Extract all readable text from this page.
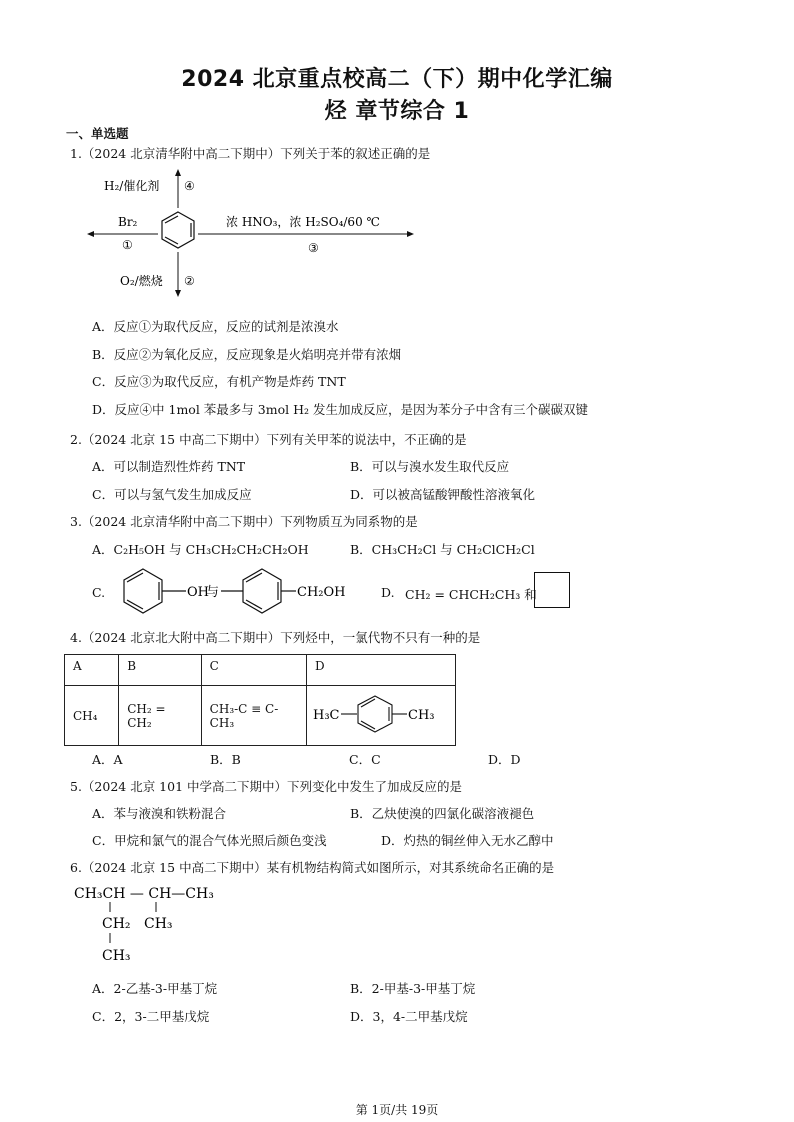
2024 北京重点校高二（下）期中化学汇编
烃 章节综合 1
一、单选题
1.（2024 北京清华附中高二下期中）下列关于苯的叙述正确的是
H₂/催化剂 ④
Br₂
①
浓 HNO₃，浓 H₂SO₄/60 ℃
③
O₂/燃烧 ②
A．反应①为取代反应，反应的试剂是浓溴水
B．反应②为氧化反应，反应现象是火焰明亮并带有浓烟
C．反应③为取代反应，有机产物是炸药 TNT
D．反应④中 1mol 苯最多与 3mol H₂ 发生加成反应，是因为苯分子中含有三个碳碳双键
2.（2024 北京 15 中高二下期中）下列有关甲苯的说法中，不正确的是
A．可以制造烈性炸药 TNT	B．可以与溴水发生取代反应
C．可以与氢气发生加成反应	D．可以被高锰酸钾酸性溶液氧化
3.（2024 北京清华附中高二下期中）下列物质互为同系物的是
A．C₂H₅OH 与 CH₃CH₂CH₂CH₂OH	B．CH₃CH₂Cl 与 CH₂ClCH₂Cl
C.	OH
与	CH₂OH	D. CH₂ = CHCH₂CH₃ 和
4.（2024 北京北大附中高二下期中）下列烃中，一氯代物不只有一种的是
A	B	C	D
CH₄	CH₂ = CH₂	CH₃-C ≡ C-CH₃	H₃C CH₃
A．A	B．B	C．C	D．D
5.（2024 北京 101 中学高二下期中）下列变化中发生了加成反应的是
A．苯与液溴和铁粉混合	B．乙炔使溴的四氯化碳溶液褪色
C．甲烷和氯气的混合气体光照后颜色变浅	D．灼热的铜丝伸入无水乙醇中
6.（2024 北京 15 中高二下期中）某有机物结构简式如图所示，对其系统命名正确的是
CH₃CH — CH—CH₃
CH₂ CH₃
CH₃
A．2-乙基-3-甲基丁烷	B．2-甲基-3-甲基丁烷
C．2，3-二甲基戊烷	D．3，4-二甲基戊烷
第 1页/共 19页
